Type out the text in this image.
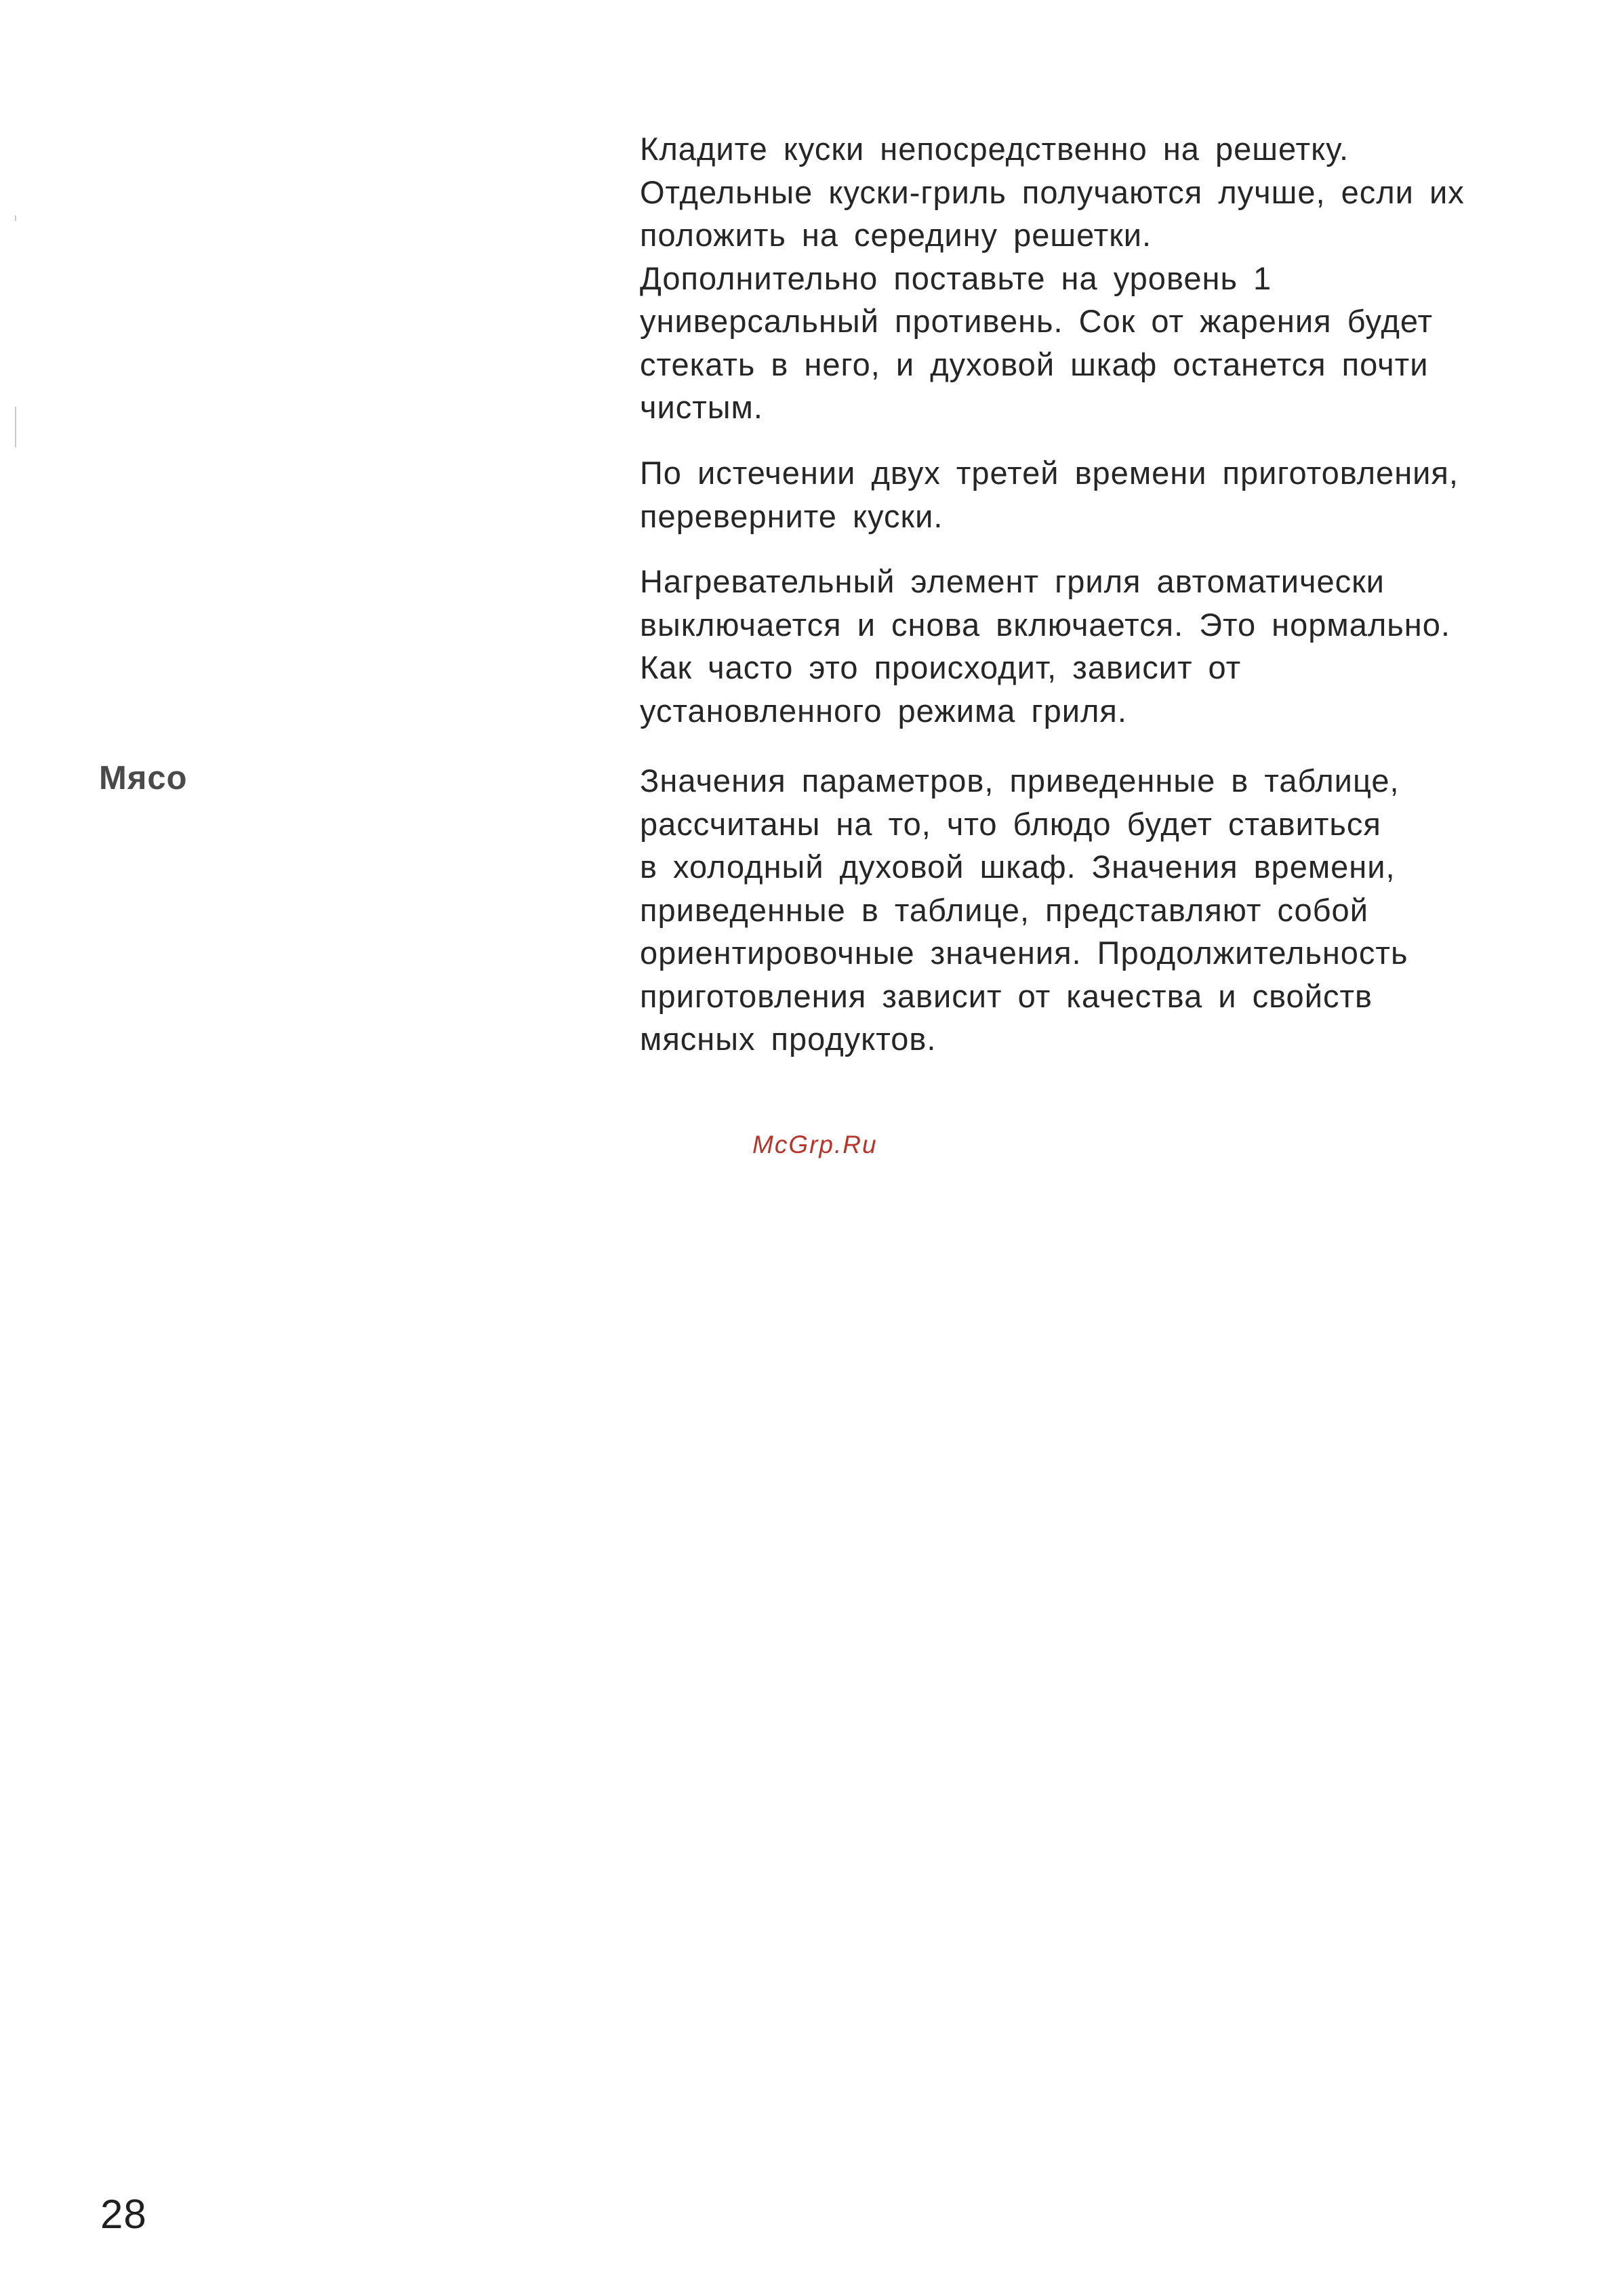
Кладите куски непосредственно на решетку.
Отдельные куски-гриль получаются лучше, если их
положить на середину решетки.
Дополнительно поставьте на уровень 1
универсальный противень. Сок от жарения будет
стекать в него, и духовой шкаф останется почти
чистым.

По истечении двух третей времени приготовления,
переверните куски.

Нагревательный элемент гриля автоматически
выключается и снова включается. Это нормально.
Как часто это происходит, зависит от
установленного режима гриля.

Мясо	Значения параметров, приведенные в таблице,
рассчитаны на то, что блюдо будет ставиться
в холодный духовой шкаф. Значения времени,
приведенные в таблице, представляют собой
ориентировочные значения. Продолжительность
приготовления зависит от качества и свойств
мясных продуктов.

McGrp.Ru
28
